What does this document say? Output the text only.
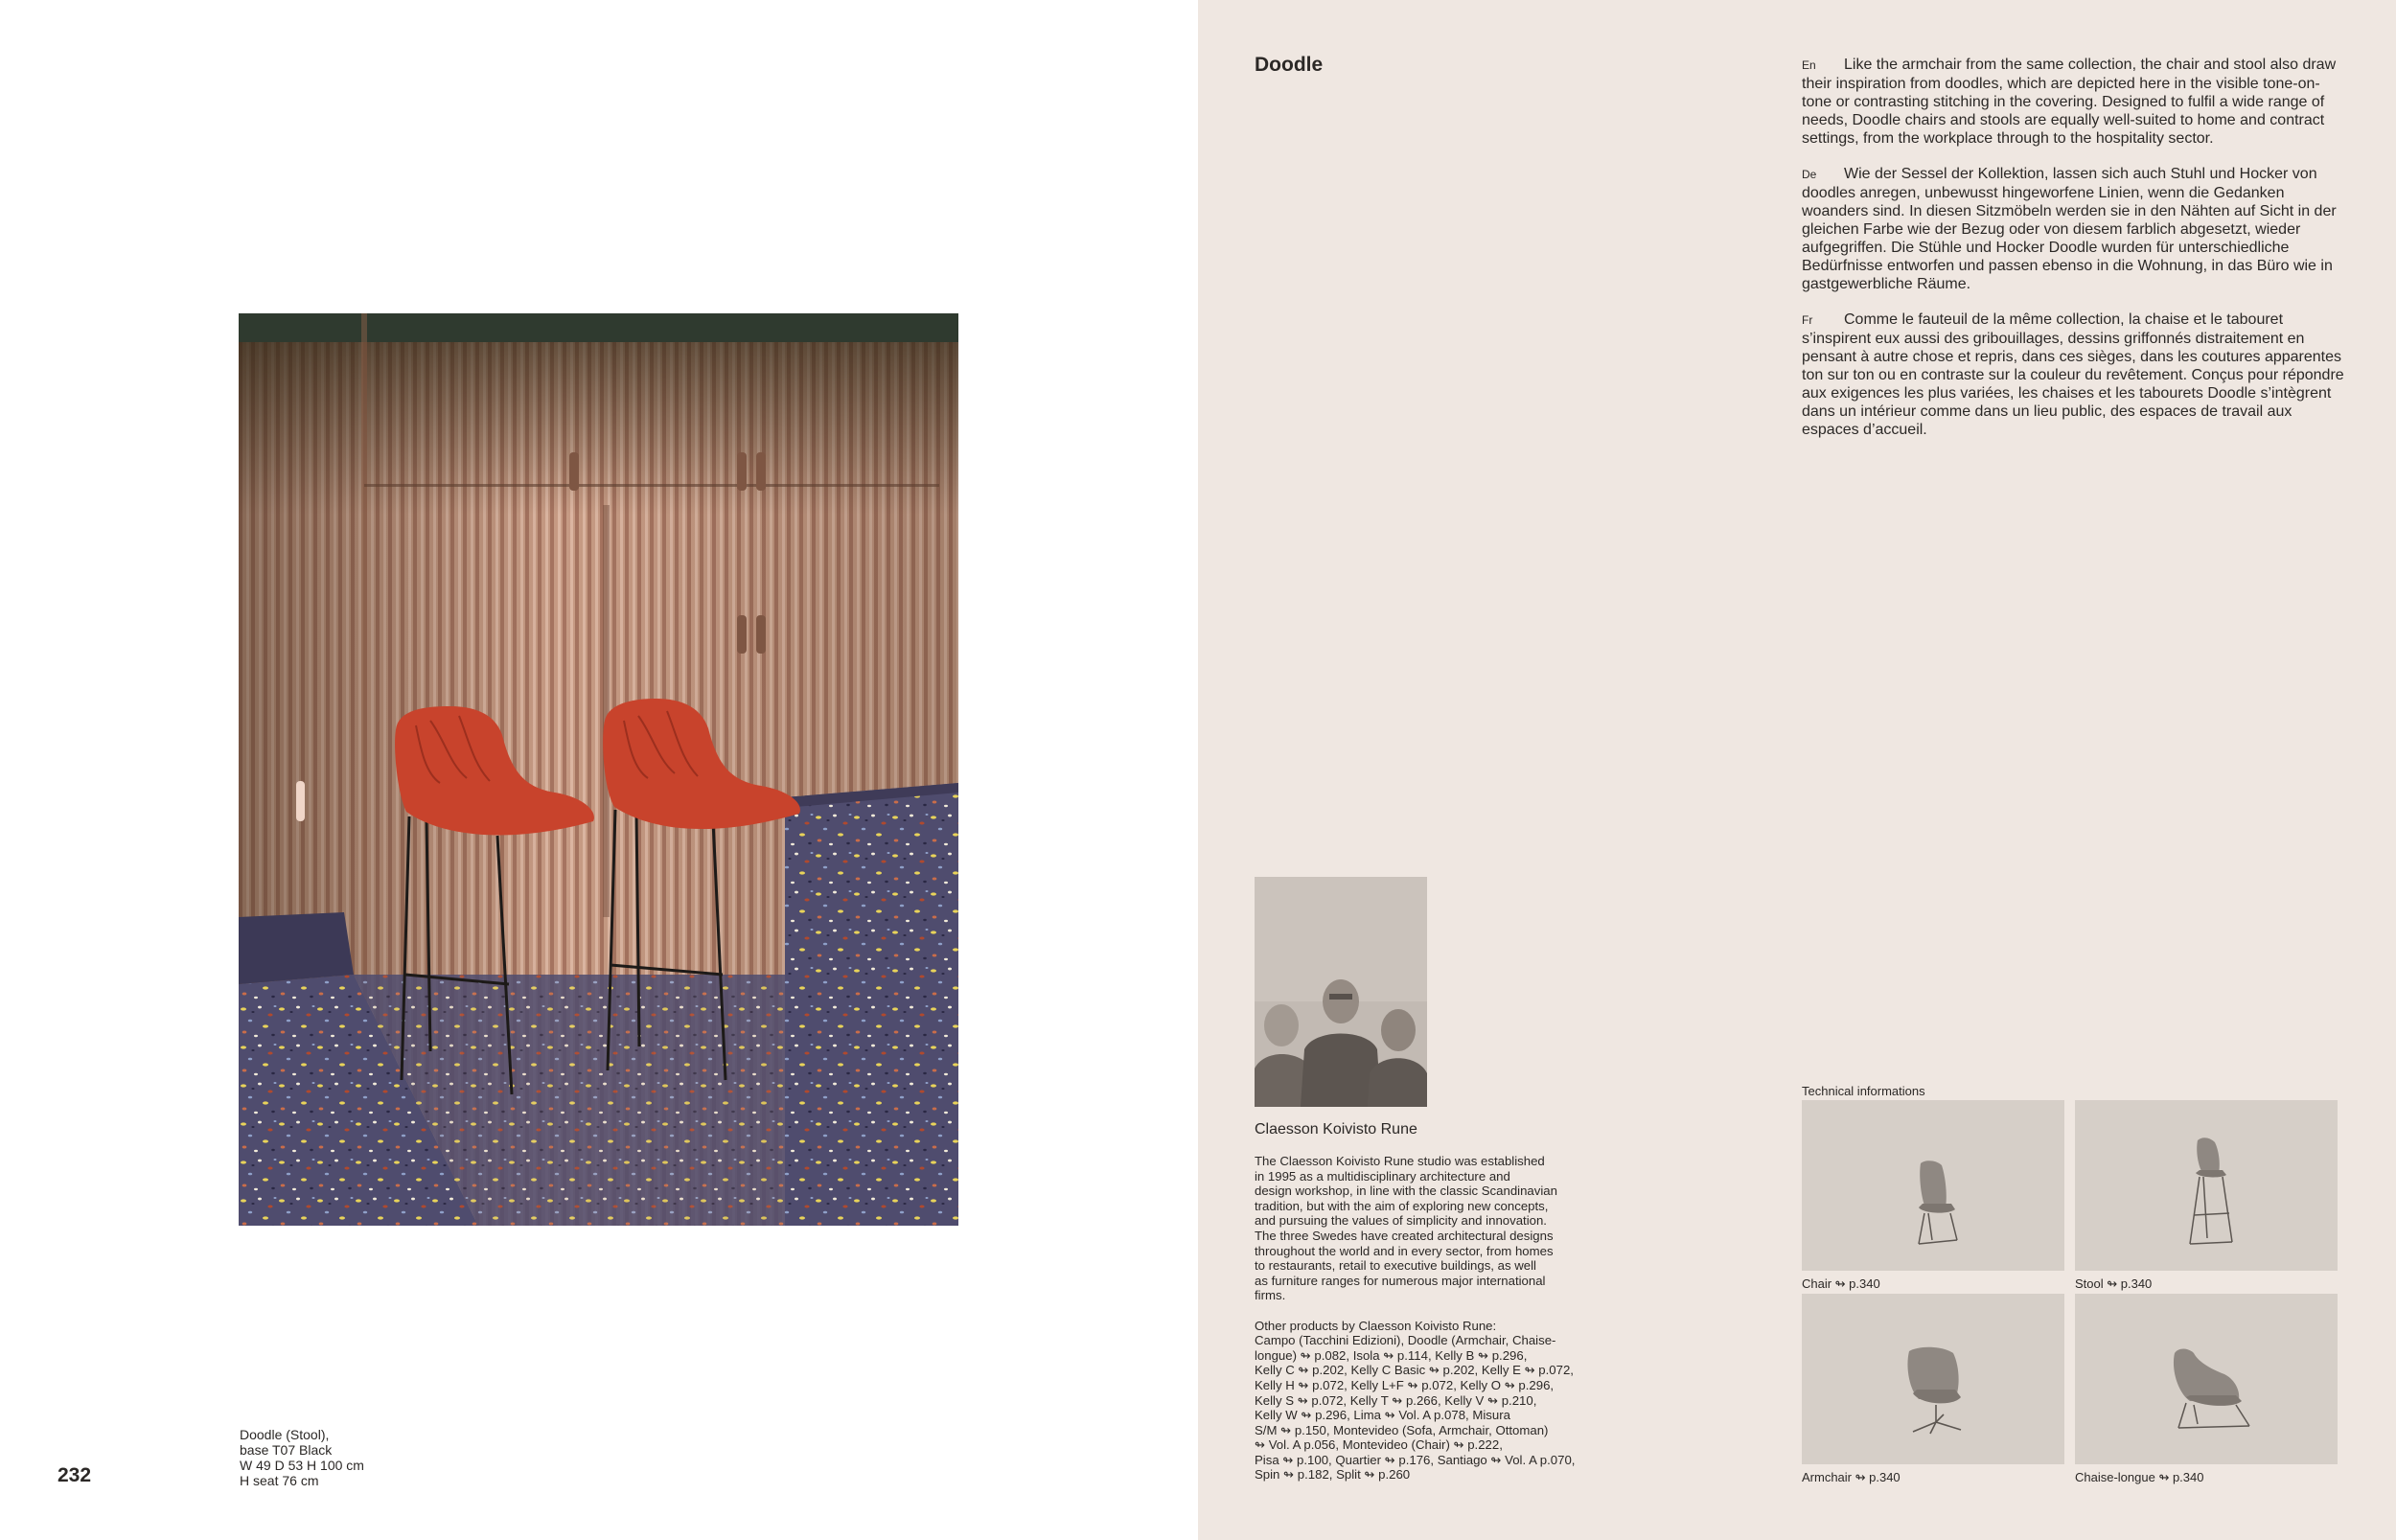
Doodle (Stool),
base T07 Black
W 49 D 53 H 100 cm
H seat 76 cm
232
Doodle	En Like the armchair from the same collection, the chair and stool also draw their inspiration from doodles, which are depicted here in the visible tone-on-tone or contrasting stitching in the covering. Designed to fulfil a wide range of needs, Doodle chairs and stools are equally well-suited to home and contract settings, from the workplace through to the hospitality sector.

De Wie der Sessel der Kollektion, lassen sich auch Stuhl und Hocker von doodles anregen, unbewusst hingeworfene Linien, wenn die Gedanken woanders sind. In diesen Sitzmöbeln werden sie in den Nähten auf Sicht in der gleichen Farbe wie der Bezug oder von diesem farblich abgesetzt, wieder aufgegriffen. Die Stühle und Hocker Doodle wurden für unterschiedliche Bedürfnisse entworfen und passen ebenso in die Wohnung, in das Büro wie in gastgewerbliche Räume.

Fr Comme le fauteuil de la même collection, la chaise et le tabouret s’inspirent eux aussi des gribouillages, dessins griffonnés distraitement en pensant à autre chose et repris, dans ces sièges, dans les coutures apparentes ton sur ton ou en contraste sur la couleur du revêtement. Conçus pour répondre aux exigences les plus variées, les chaises et les tabourets Doodle s’intègrent dans un intérieur comme dans un lieu public, des espaces de travail aux espaces d’accueil.

Claesson Koivisto Rune
The Claesson Koivisto Rune studio was established
in 1995 as a multidisciplinary architecture and
design workshop, in line with the classic Scandinavian
tradition, but with the aim of exploring new concepts,
and pursuing the values of simplicity and innovation.
The three Swedes have created architectural designs
throughout the world and in every sector, from homes
to restaurants, retail to executive buildings, as well
as furniture ranges for numerous major international
firms.
Other products by Claesson Koivisto Rune:
Campo (Tacchini Edizioni), Doodle (Armchair, Chaise-
longue) ↬ p.082, Isola ↬ p.114, Kelly B ↬ p.296,
Kelly C ↬ p.202, Kelly C Basic ↬ p.202, Kelly E ↬ p.072,
Kelly H ↬ p.072, Kelly L+F ↬ p.072, Kelly O ↬ p.296,
Kelly S ↬ p.072, Kelly T ↬ p.266, Kelly V ↬ p.210,
Kelly W ↬ p.296, Lima ↬ Vol. A p.078, Misura
S/M ↬ p.150, Montevideo (Sofa, Armchair, Ottoman)
↬ Vol. A p.056, Montevideo (Chair) ↬ p.222,
Pisa ↬ p.100, Quartier ↬ p.176, Santiago ↬ Vol. A p.070,
Spin ↬ p.182, Split ↬ p.260
Technical informations
Chair ↬ p.340	Stool ↬ p.340
Armchair ↬ p.340	Chaise-longue ↬ p.340
